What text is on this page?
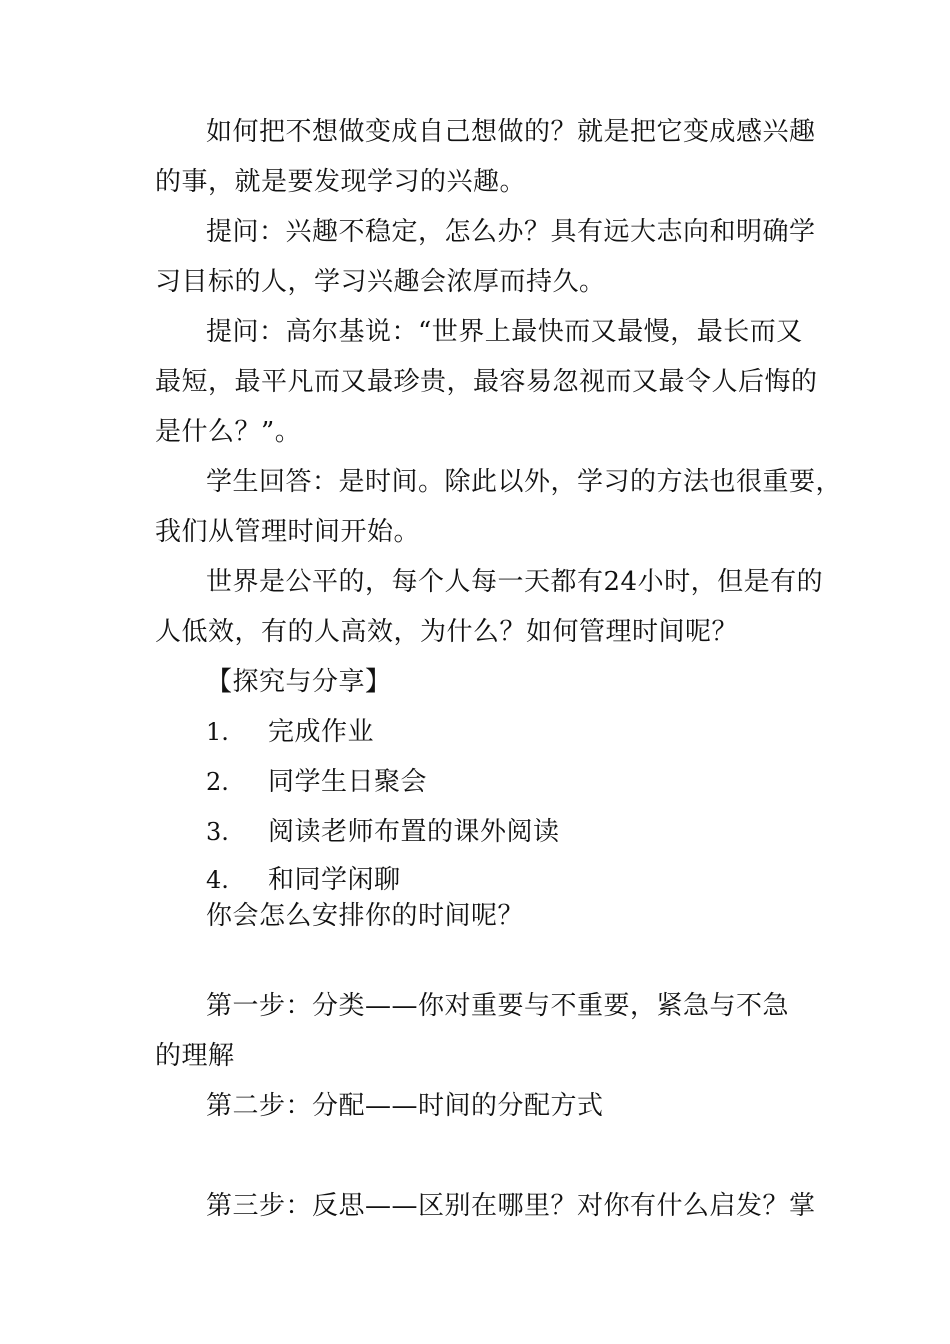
如何把不想做变成自己想做的？就是把它变成感兴趣
的事，就是要发现学习的兴趣。
提问：兴趣不稳定，怎么办？具有远大志向和明确学
习目标的人，学习兴趣会浓厚而持久。
提问：高尔基说：“世界上最快而又最慢，最长而又
最短，最平凡而又最珍贵，最容易忽视而又最令人后悔的
是什么？”。
学生回答：是时间。除此以外，学习的方法也很重要，
我们从管理时间开始。
世界是公平的，每个人每一天都有24小时，但是有的
人低效，有的人高效，为什么？如何管理时间呢？
【探究与分享】
1. 完成作业
2. 同学生日聚会
3. 阅读老师布置的课外阅读
4. 和同学闲聊
你会怎么安排你的时间呢？
第一步：分类——你对重要与不重要，紧急与不急
的理解
第二步：分配——时间的分配方式
第三步：反思——区别在哪里？对你有什么启发？掌
